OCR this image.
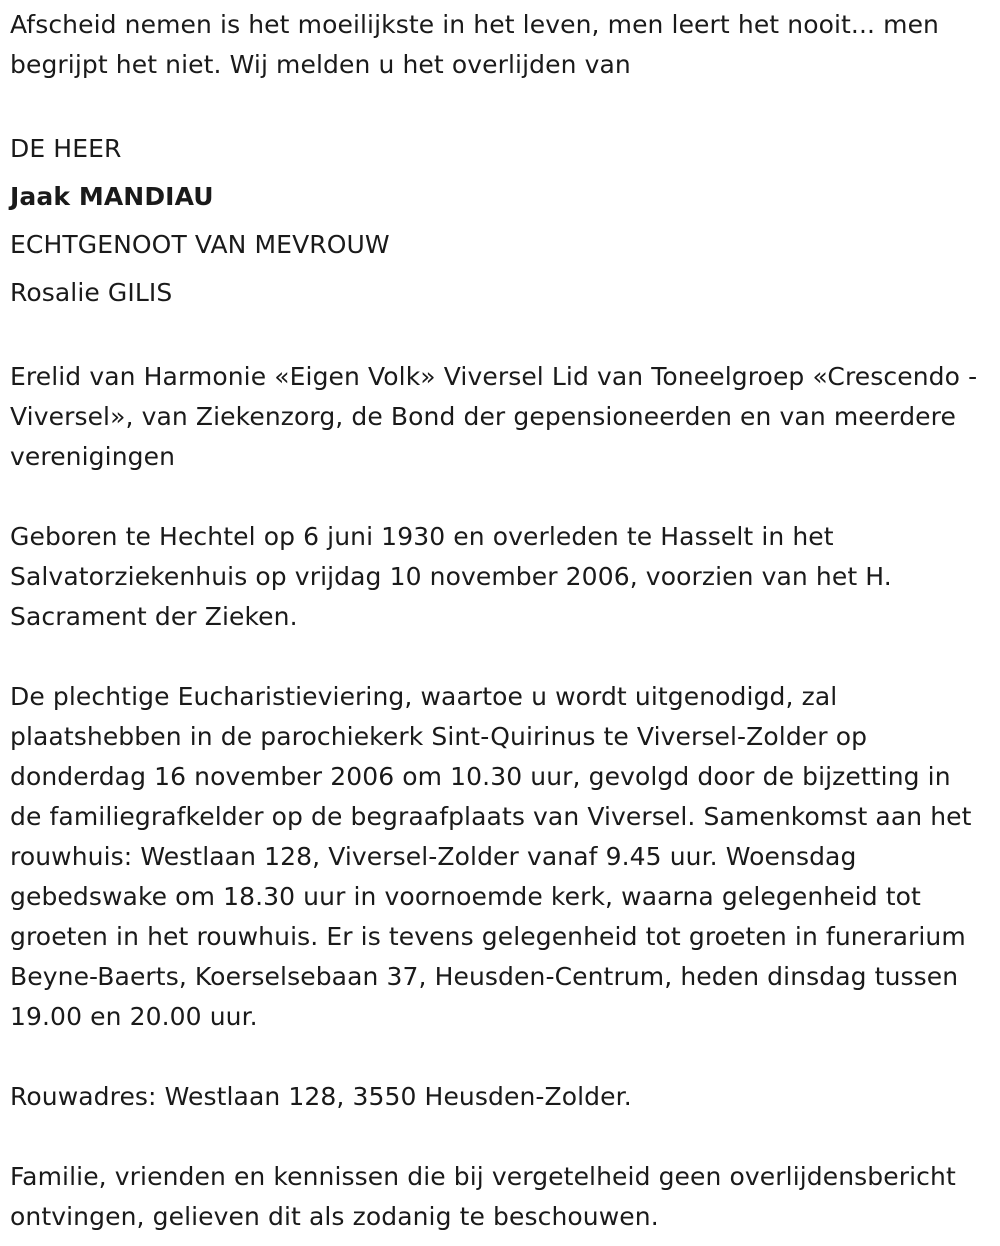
Afscheid nemen is het moeilijkste in het leven, men leert het nooit... men begrijpt het niet. Wij melden u het overlijden van

DE HEER

Jaak MANDIAU

ECHTGENOOT VAN MEVROUW

Rosalie GILIS

Erelid van Harmonie «Eigen Volk» Viversel Lid van Toneelgroep «Crescendo - Viversel», van Ziekenzorg, de Bond der gepensioneerden en van meerdere verenigingen

Geboren te Hechtel op 6 juni 1930 en overleden te Hasselt in het Salvatorziekenhuis op vrijdag 10 november 2006, voorzien van het H. Sacrament der Zieken.

De plechtige Eucharistieviering, waartoe u wordt uitgenodigd, zal plaatshebben in de parochiekerk Sint-Quirinus te Viversel-Zolder op donderdag 16 november 2006 om 10.30 uur, gevolgd door de bijzetting in de familiegrafkelder op de begraafplaats van Viversel. Samenkomst aan het rouwhuis: Westlaan 128, Viversel-Zolder vanaf 9.45 uur. Woensdag gebedswake om 18.30 uur in voornoemde kerk, waarna gelegenheid tot groeten in het rouwhuis. Er is tevens gelegenheid tot groeten in funerarium Beyne-Baerts, Koerselsebaan 37, Heusden-Centrum, heden dinsdag tussen 19.00 en 20.00 uur.

Rouwadres: Westlaan 128, 3550 Heusden-Zolder.

Familie, vrienden en kennissen die bij vergetelheid geen overlijdensbericht ontvingen, gelieven dit als zodanig te beschouwen.
